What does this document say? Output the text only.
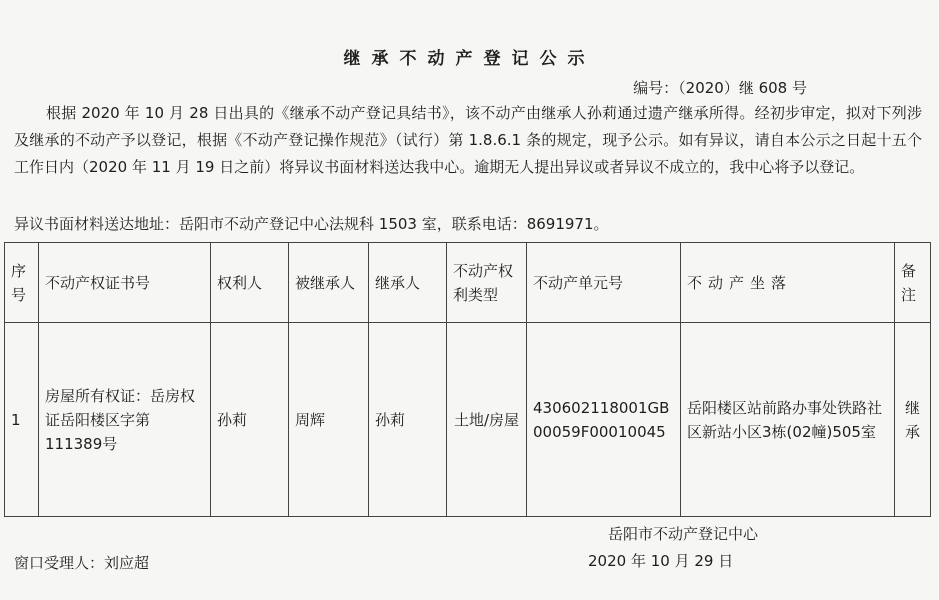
继承不动产登记公示
编号：（2020）继 608 号

根据 2020 年 10 月 28 日出具的《继承不动产登记具结书》，该不动产由继承人孙莉通过遗产继承所得。经初步审定，拟对下列涉及继承的不动产予以登记，根据《不动产登记操作规范》（试行）第 1.8.6.1 条的规定，现予公示。如有异议，请自本公示之日起十五个工作日内（2020 年 11 月 19 日之前）将异议书面材料送达我中心。逾期无人提出异议或者异议不成立的，我中心将予以登记。

异议书面材料送达地址：岳阳市不动产登记中心法规科 1503 室，联系电话：8691971。
序号	不动产权证书号	权利人	被继承人	继承人	不动产权利类型	不动产单元号	不动产坐落	备注
1	房屋所有权证：岳房权证岳阳楼区字第111389号	孙莉	周辉	孙莉	土地/房屋	430602118001GB00059F00010045	岳阳楼区站前路办事处铁路社区新站小区3栋(02幢)505室	继承
岳阳市不动产登记中心
2020 年 10 月 29 日
窗口受理人：刘应超
